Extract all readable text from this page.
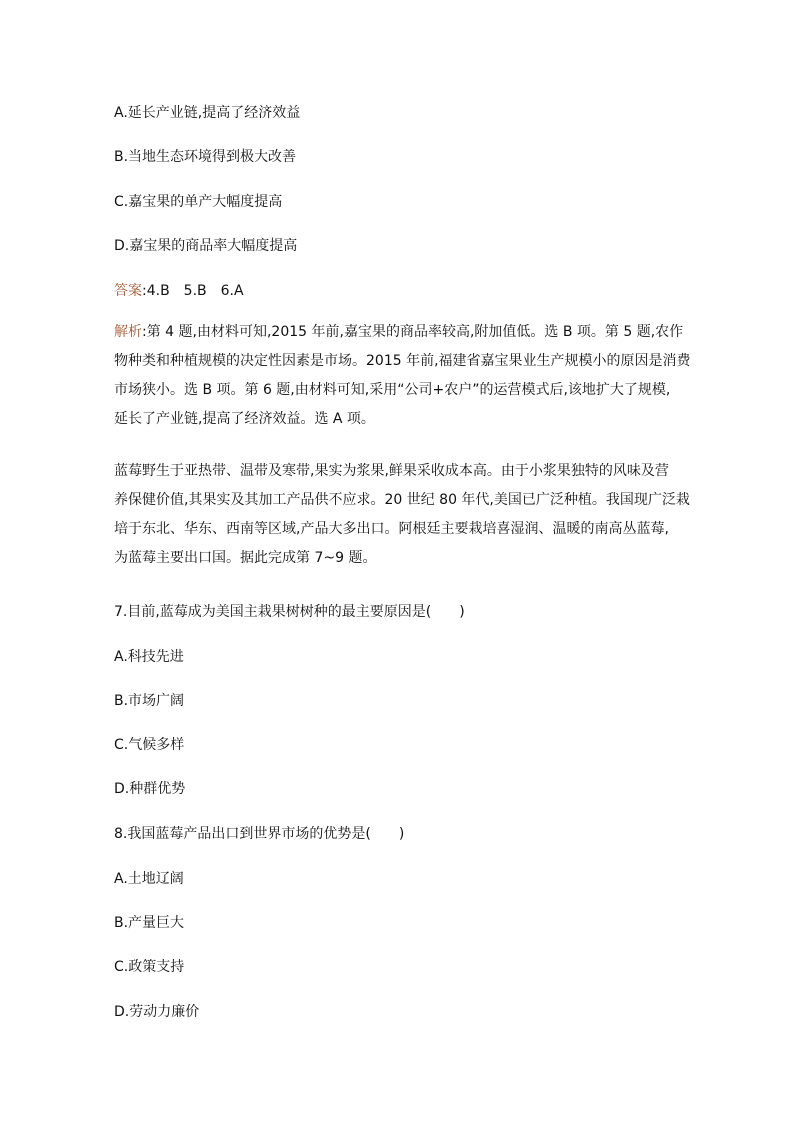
A.延长产业链,提高了经济效益
B.当地生态环境得到极大改善
C.嘉宝果的单产大幅度提高
D.嘉宝果的商品率大幅度提高
答案:4.B　5.B　6.A
解析:第 4 题,由材料可知,2015 年前,嘉宝果的商品率较高,附加值低。选 B 项。第 5 题,农作
物种类和种植规模的决定性因素是市场。2015 年前,福建省嘉宝果业生产规模小的原因是消费
市场狭小。选 B 项。第 6 题,由材料可知,采用“公司+农户”的运营模式后,该地扩大了规模,
延长了产业链,提高了经济效益。选 A 项。
蓝莓野生于亚热带、温带及寒带,果实为浆果,鲜果采收成本高。由于小浆果独特的风味及营
养保健价值,其果实及其加工产品供不应求。20 世纪 80 年代,美国已广泛种植。我国现广泛栽
培于东北、华东、西南等区域,产品大多出口。阿根廷主要栽培喜湿润、温暖的南高丛蓝莓,
为蓝莓主要出口国。据此完成第 7~9 题。
7.目前,蓝莓成为美国主栽果树树种的最主要原因是(　　)
A.科技先进
B.市场广阔
C.气候多样
D.种群优势
8.我国蓝莓产品出口到世界市场的优势是(　　)
A.土地辽阔
B.产量巨大
C.政策支持
D.劳动力廉价
